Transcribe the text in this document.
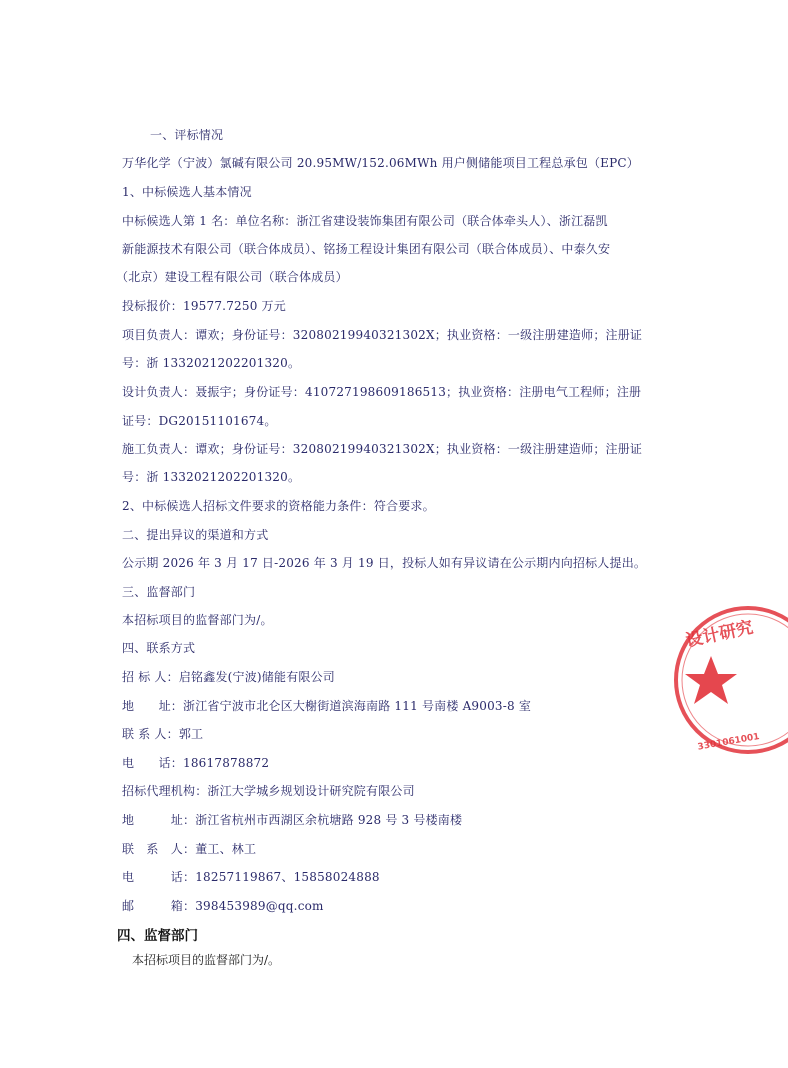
一、评标情况
万华化学（宁波）氯碱有限公司 20.95MW/152.06MWh 用户侧储能项目工程总承包（EPC）
1、中标候选人基本情况
中标候选人第 1 名：单位名称：浙江省建设装饰集团有限公司（联合体牵头人）、浙江磊凯
新能源技术有限公司（联合体成员）、铭扬工程设计集团有限公司（联合体成员）、中泰久安
（北京）建设工程有限公司（联合体成员）
投标报价：19577.7250 万元
项目负责人：谭欢；身份证号：32080219940321302X；执业资格：一级注册建造师；注册证
号：浙 1332021202201320。
设计负责人：聂振宇；身份证号：410727198609186513；执业资格：注册电气工程师；注册
证号：DG20151101674。
施工负责人：谭欢；身份证号：32080219940321302X；执业资格：一级注册建造师；注册证
号：浙 1332021202201320。
2、中标候选人招标文件要求的资格能力条件：符合要求。
二、提出异议的渠道和方式
公示期 2026 年 3 月 17 日-2026 年 3 月 19 日，投标人如有异议请在公示期内向招标人提出。
三、监督部门
本招标项目的监督部门为/。
四、联系方式
招 标 人：启铭鑫发(宁波)储能有限公司
地　　址：浙江省宁波市北仑区大榭街道滨海南路 111 号南楼 A9003-8 室
联 系 人：郭工
电　　话：18617878872
招标代理机构：浙江大学城乡规划设计研究院有限公司
地　　　址：浙江省杭州市西湖区余杭塘路 928 号 3 号楼南楼
联　系　人：董工、林工
电　　　话：18257119867、15858024888
邮　　　箱：398453989@qq.com
四、监督部门
本招标项目的监督部门为/。
设计研究
3301061001
